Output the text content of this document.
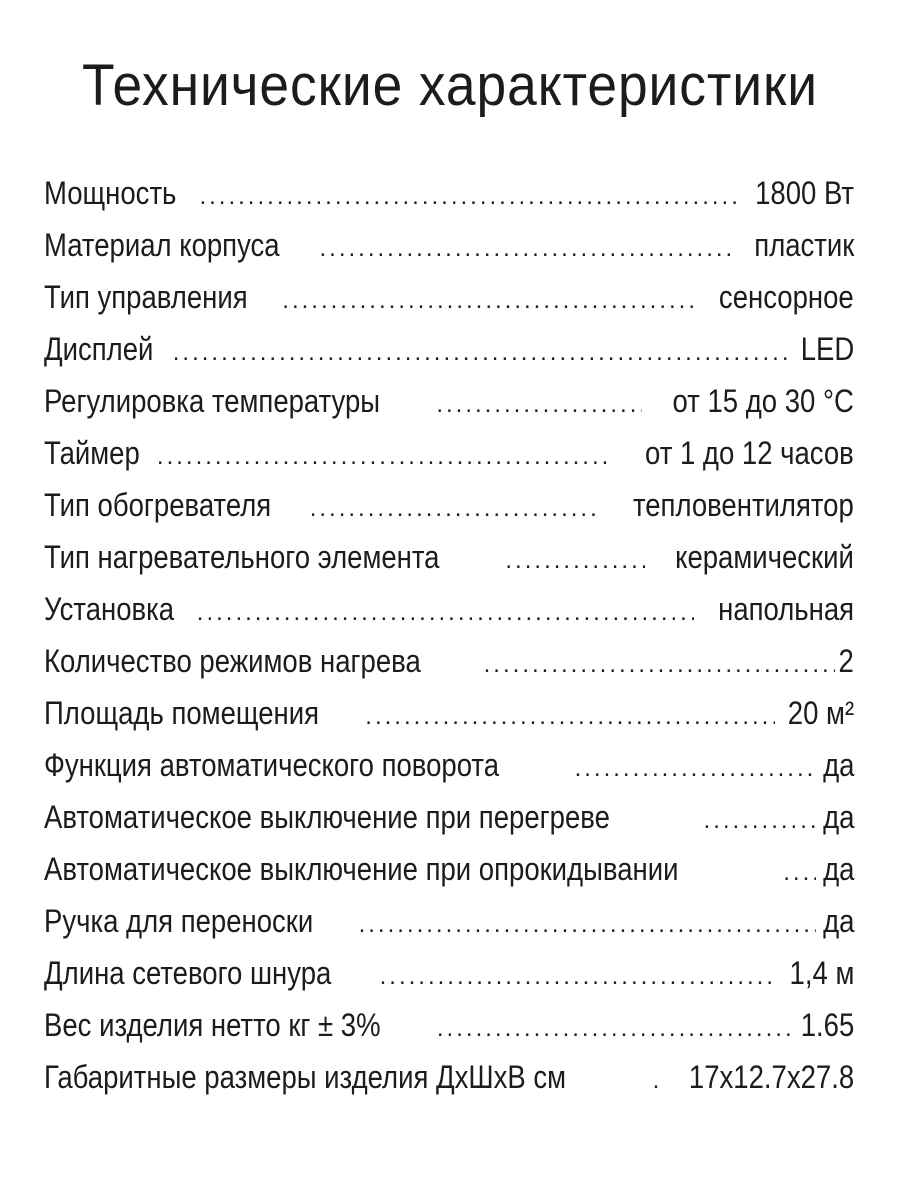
Технические характеристики
Мощность .....	1800 Вт
Материал корпуса .....	пластик
Тип управления .....	сенсорное
Дисплей .....	LED
Регулировка температуры .....	от 15 до 30 °С
Таймер .....	от 1 до 12 часов
Тип обогревателя .....	тепловентилятор
Тип нагревательного элемента .....	керамический
Установка .....	напольная
Количество режимов нагрева .....	2
Площадь помещения .....	20 м²
Функция автоматического поворота .....	да
Автоматическое выключение при перегреве .....	да
Автоматическое выключение при опрокидывании .....	да
Ручка для переноски .....	да
Длина сетевого шнура .....	1,4 м
Вес изделия нетто кг ± 3% .....	1.65
Габаритные размеры изделия ДхШхВ см .....	17x12.7x27.8
